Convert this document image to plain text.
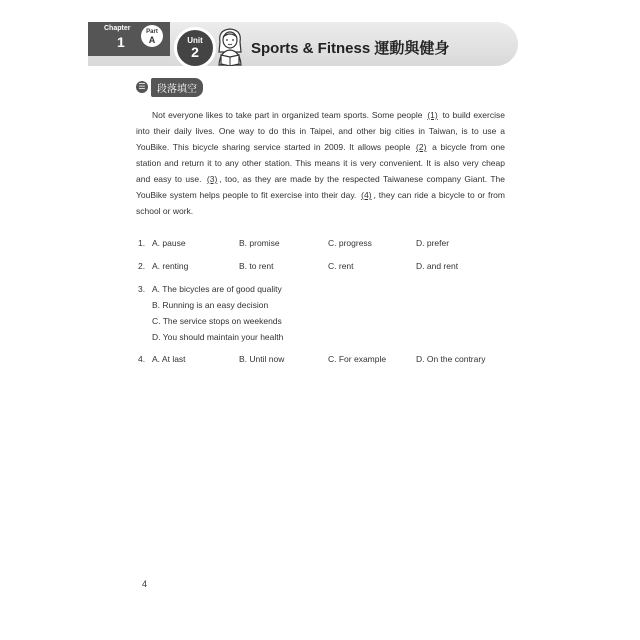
Chapter
1
Part
A	Unit
2	Sports & Fitness 運動與健身
☰	段落填空

Not everyone likes to take part in organized team sports. Some people (1) to build exercise into their daily lives. One way to do this in Taipei, and other big cities in Taiwan, is to use a YouBike. This bicycle sharing service started in 2009. It allows people (2) a bicycle from one station and return it to any other station. This means it is very convenient. It is also very cheap and easy to use. (3) , too, as they are made by the respected Taiwanese company Giant. The YouBike system helps people to fit exercise into their day. (4) , they can ride a bicycle to or from school or work.

1. A. pause	B. promise	C. progress	D. prefer
2. A. renting	B. to rent	C. rent	D. and rent
3. A. The bicycles are of good quality
B. Running is an easy decision
C. The service stops on weekends
D. You should maintain your health
4. A. At last	B. Until now	C. For example	D. On the contrary
4
